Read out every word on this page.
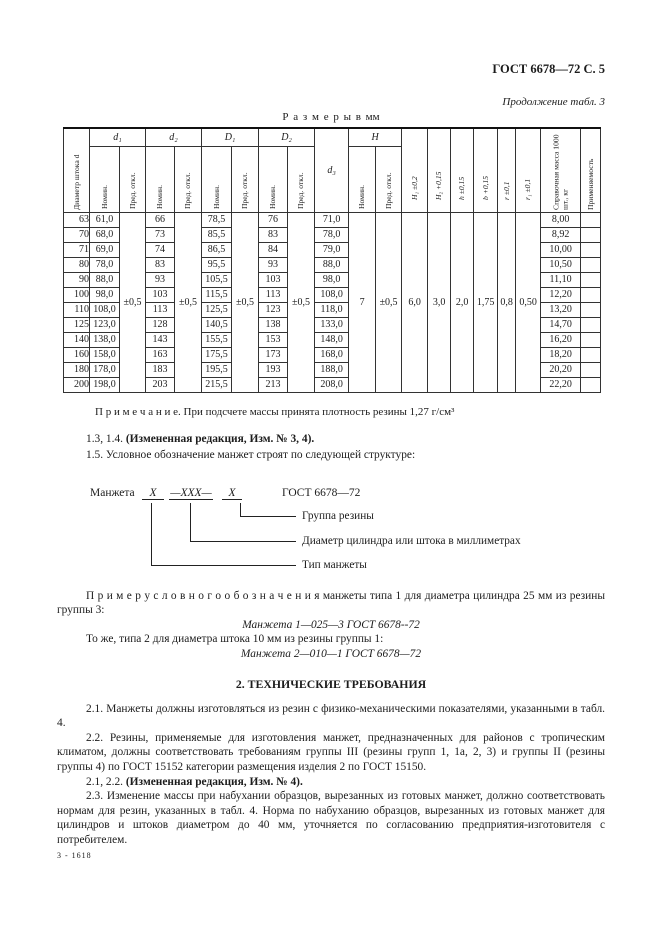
ГОСТ 6678—72 С. 5
Продолжение табл. 3
Р а з м е р ы в мм
Диаметр штока d	d₁		d₂		D₁		D₂		d₃	H		H₁ ±0,2	H₂ +0,15	h ±0,15	b +0,15	r ±0,1	r₁ ±0,1	Справочная масса 1000 шт., кг	Применяемость

	Номин.	Пред. откл.	Номин.	Пред. откл.	Номин.	Пред. откл.	Номин.	Пред. откл.		Номин.	Пред. откл.								

63	61,0	±0,5	66	±0,5	78,5	±0,5	76	±0,5	71,0	7	±0,5	6,0	3,0	2,0	1,75	0,8	0,50	8,00	
70	68,0		73		85,5		83		78,0									8,92	
71	69,0		74		86,5		84		79,0									10,00	
80	78,0		83		95,5		93		88,0									10,50	
90	88,0		93		105,5		103		98,0									11,10	
100	98,0		103		115,5		113		108,0									12,20	
110	108,0		113		125,5		123		118,0									13,20	
125	123,0		128		140,5		138		133,0									14,70	
140	138,0		143		155,5		153		148,0									16,20	
160	158,0		163		175,5		173		168,0									18,20	
180	178,0		183		195,5		193		188,0									20,20	
200	198,0		203		215,5		213		208,0									22,20	

П р и м е ч а н и е. При подсчете массы принята плотность резины 1,27 г/см³

1.3, 1.4. (Измененная редакция, Изм. № 3, 4).

1.5. Условное обозначение манжет строят по следующей структуре:

Манжета	X	—XXX—	X	ГОСТ 6678—72
Группа резины
Диаметр цилиндра или штока в миллиметрах
Тип манжеты

П р и м е р у с л о в н о г о о б о з н а ч е н и я манжеты типа 1 для диаметра цилиндра 25 мм из резины группы 3:

Манжета 1—025—3 ГОСТ 6678--72

То же, типа 2 для диаметра штока 10 мм из резины группы 1:

Манжета 2—010—1 ГОСТ 6678—72

2. ТЕХНИЧЕСКИЕ ТРЕБОВАНИЯ

2.1. Манжеты должны изготовляться из резин с физико-механическими показателями, указанными в табл. 4.

2.2. Резины, применяемые для изготовления манжет, предназначенных для районов с тропическим климатом, должны соответствовать требованиям группы III (резины групп 1, 1а, 2, 3) и группы II (резины группы 4) по ГОСТ 15152 категории размещения изделия 2 по ГОСТ 15150.

2.1, 2.2. (Измененная редакция, Изм. № 4).

2.3. Изменение массы при набухании образцов, вырезанных из готовых манжет, должно соответствовать нормам для резин, указанных в табл. 4. Норма по набуханию образцов, вырезанных из готовых манжет для цилиндров и штоков диаметром до 40 мм, уточняется по согласованию предприятия-изготовителя с потребителем.

3 - 1618
